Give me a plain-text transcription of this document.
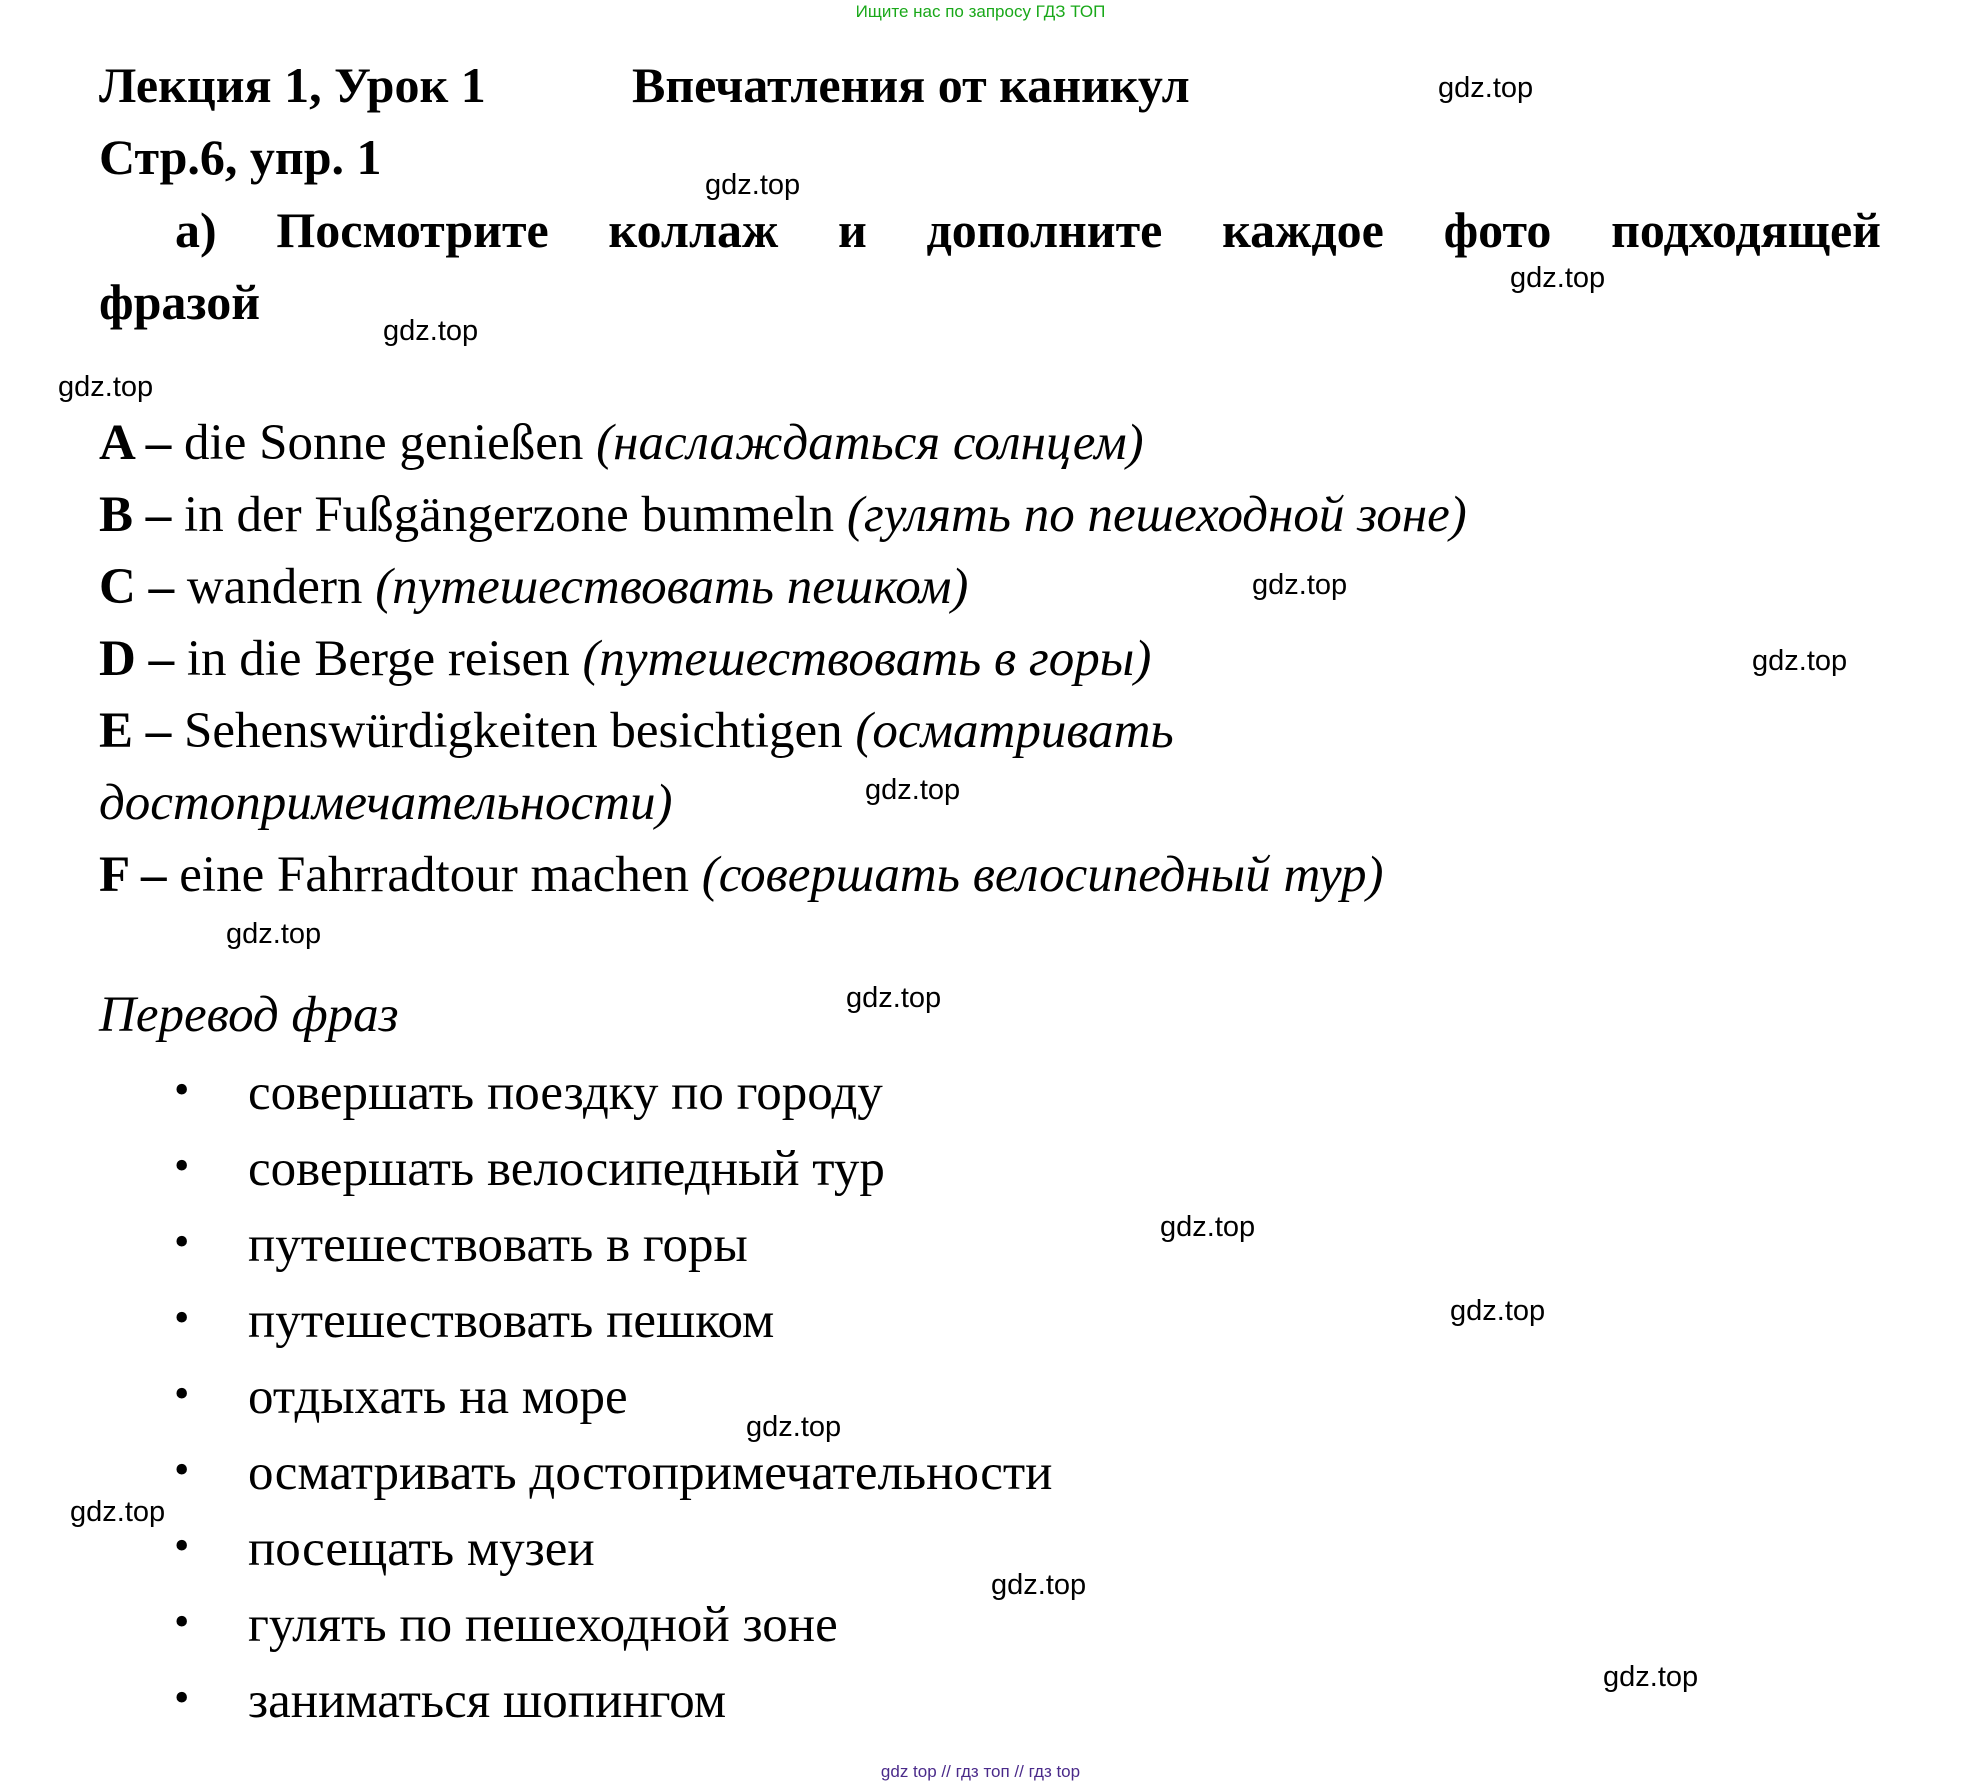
Ищите нас по запросу ГДЗ ТОП
Лекция 1, Урок 1	Впечатления от каникул
Стр.6, упр. 1
а) Посмотрите коллаж и дополните каждое фото подходящей
фразой
A – die Sonne genießen (наслаждаться солнцем)
B – in der Fußgängerzone bummeln (гулять по пешеходной зоне)
C – wandern (путешествовать пешком)
D – in die Berge reisen (путешествовать в горы)
E – Sehenswürdigkeiten besichtigen (осматривать
достопримечательности)
F – eine Fahrradtour machen (совершать велосипедный тур)
Перевод фраз
• совершать поездку по городу
• совершать велосипедный тур
• путешествовать в горы
• путешествовать пешком
• отдыхать на море
• осматривать достопримечательности
• посещать музеи
• гулять по пешеходной зоне
• заниматься шопингом
gdz.top
gdz.top
gdz.top
gdz.top
gdz.top
gdz.top
gdz.top
gdz.top
gdz.top
gdz.top
gdz.top
gdz.top
gdz.top
gdz.top
gdz.top
gdz.top
gdz top // гдз топ // гдз top
